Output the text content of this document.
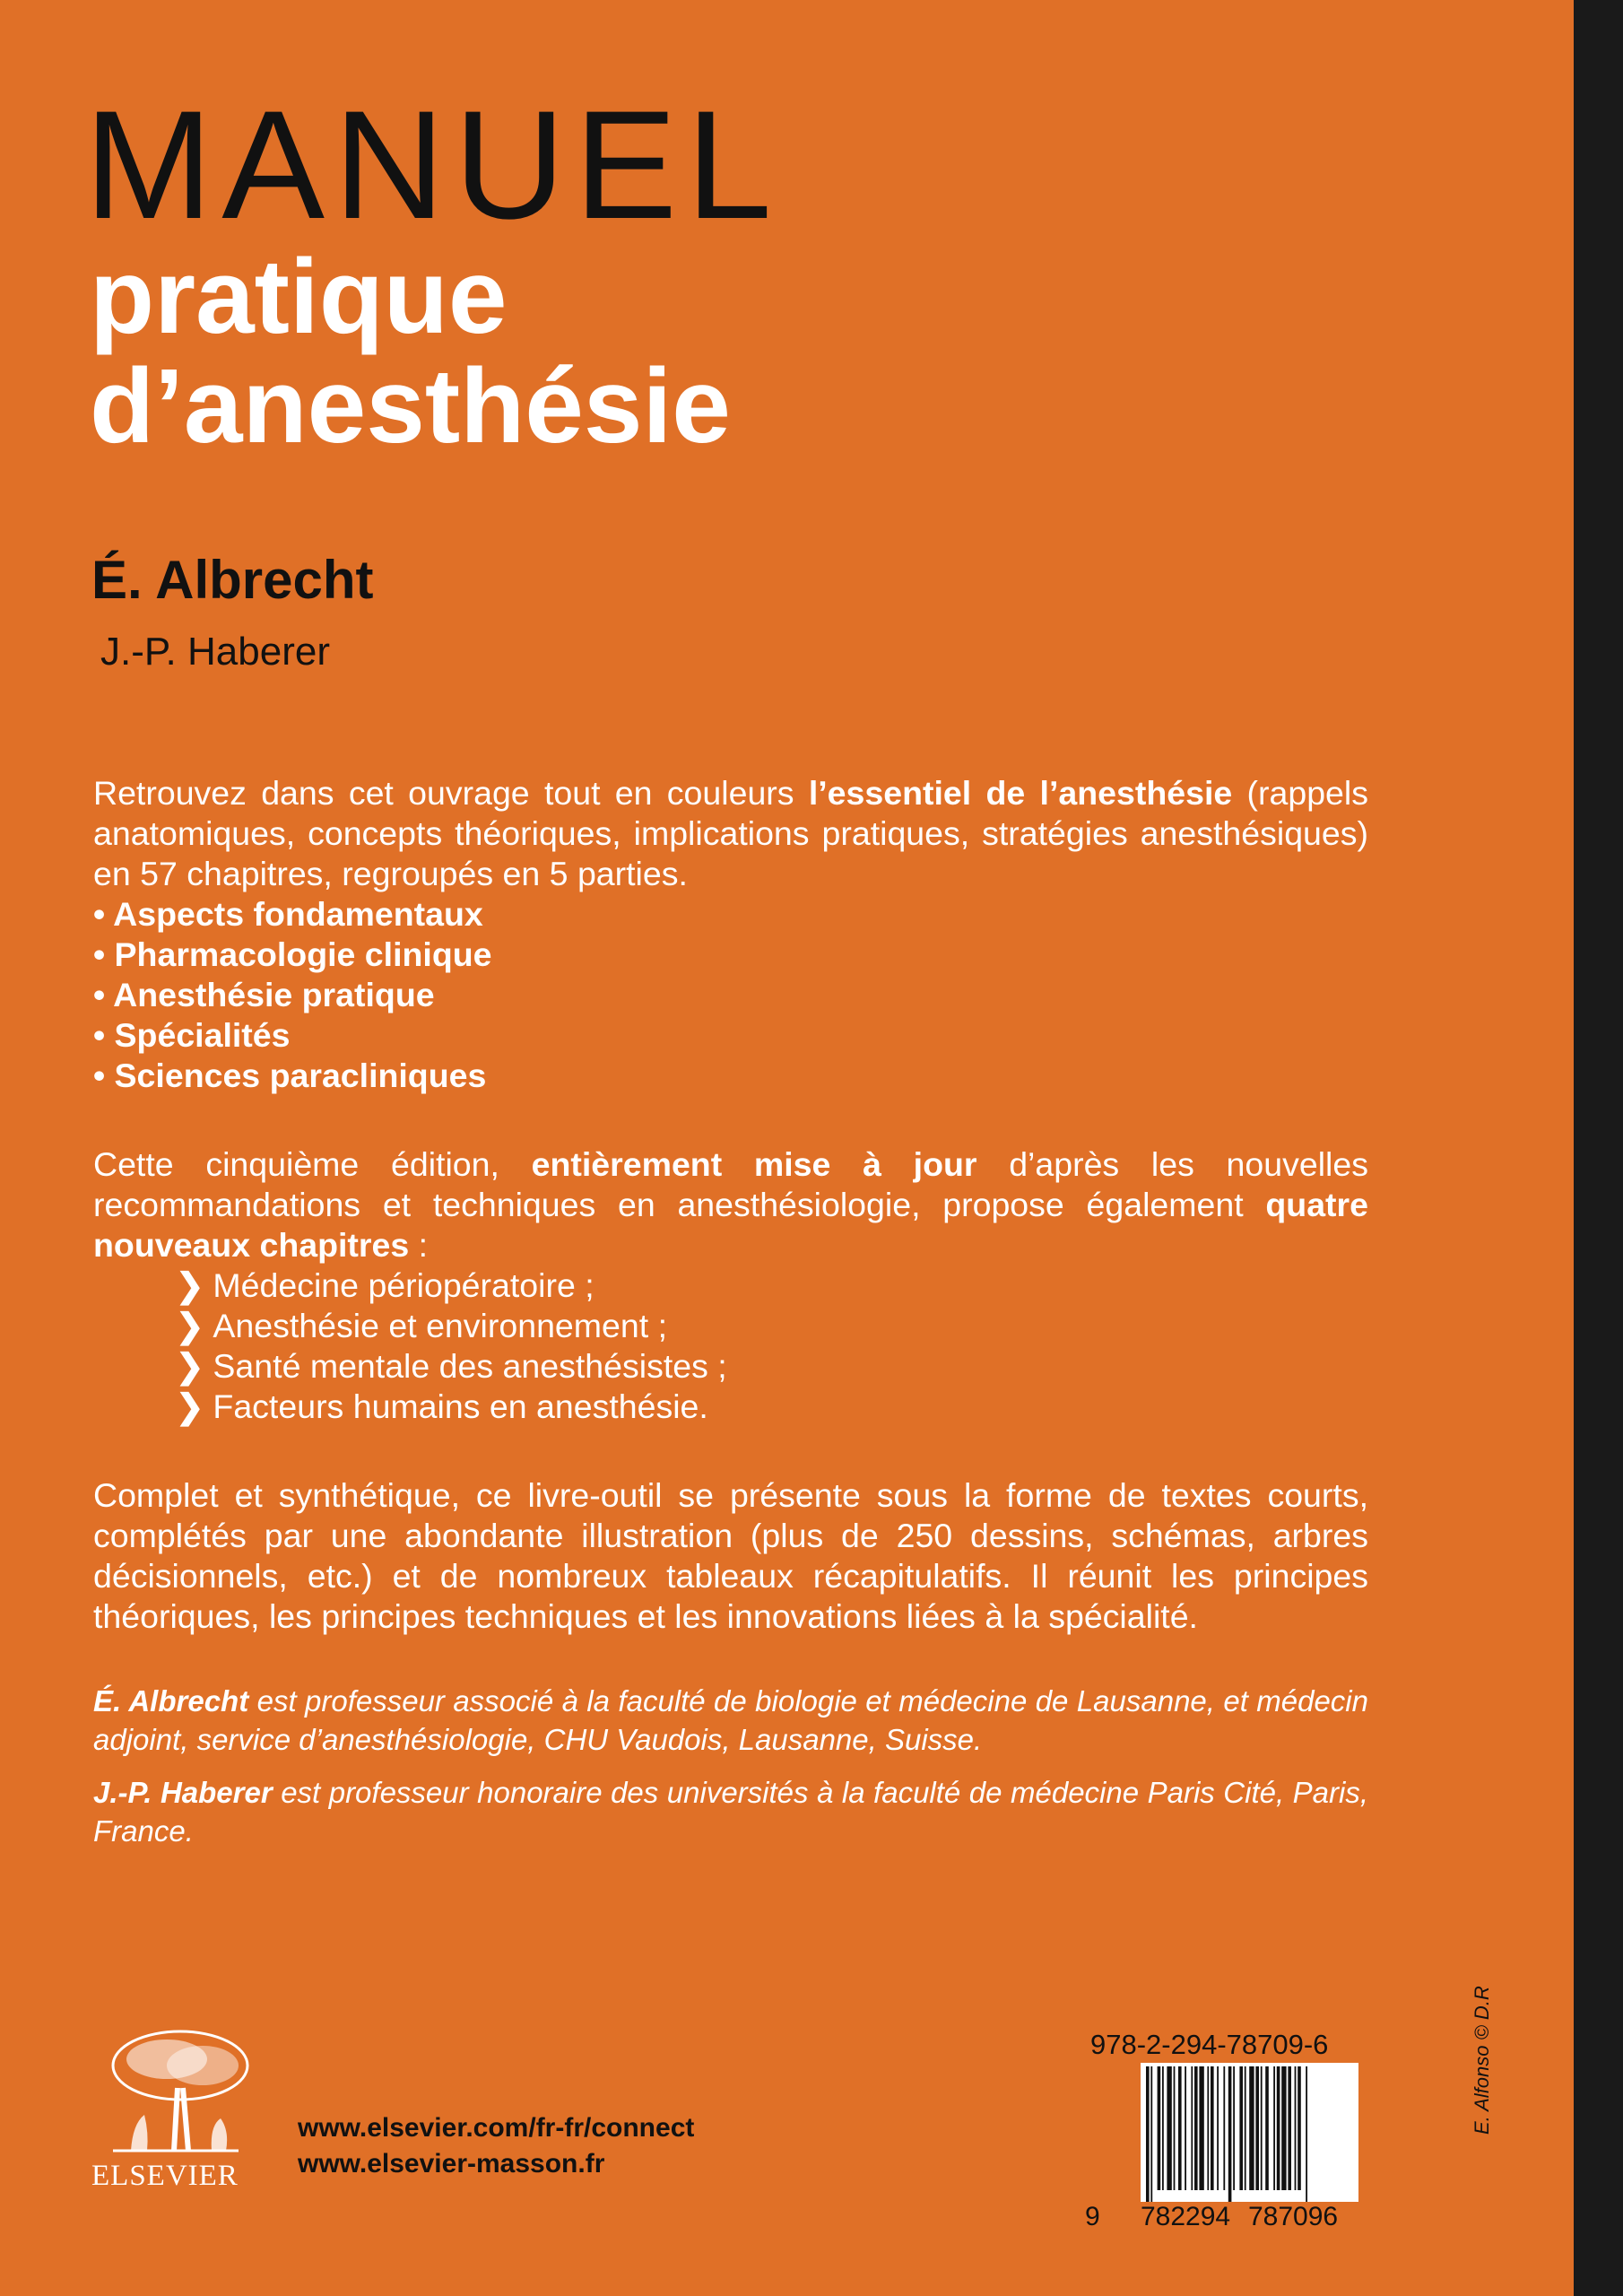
MANUEL
pratique
d’anesthésie
É. Albrecht
J.-P. Haberer

Retrouvez dans cet ouvrage tout en couleurs l’essentiel de l’anesthésie (rappels anatomiques, concepts théoriques, implications pratiques, stratégies anesthésiques) en 57 chapitres, regroupés en 5 parties.

• Aspects fondamentaux
• Pharmacologie clinique
• Anesthésie pratique
• Spécialités
• Sciences paracliniques

Cette cinquième édition, entièrement mise à jour d’après les nouvelles recommandations et techniques en anesthésiologie, propose également quatre nouveaux chapitres :

❯ Médecine périopératoire ;
❯ Anesthésie et environnement ;
❯ Santé mentale des anesthésistes ;
❯ Facteurs humains en anesthésie.

Complet et synthétique, ce livre-outil se présente sous la forme de textes courts, complétés par une abondante illustration (plus de 250 dessins, schémas, arbres décisionnels, etc.) et de nombreux tableaux récapitulatifs. Il réunit les principes théoriques, les principes techniques et les innovations liées à la spécialité.

É. Albrecht est professeur associé à la faculté de biologie et médecine de Lausanne, et médecin adjoint, service d’anesthésiologie, CHU Vaudois, Lausanne, Suisse.

J.-P. Haberer est professeur honoraire des universités à la faculté de médecine Paris Cité, Paris, France.

ELSEVIER
www.elsevier.com/fr-fr/connect
www.elsevier-masson.fr
978-2-294-78709-6
9 782294 787096
E. Alfonso © D.R
